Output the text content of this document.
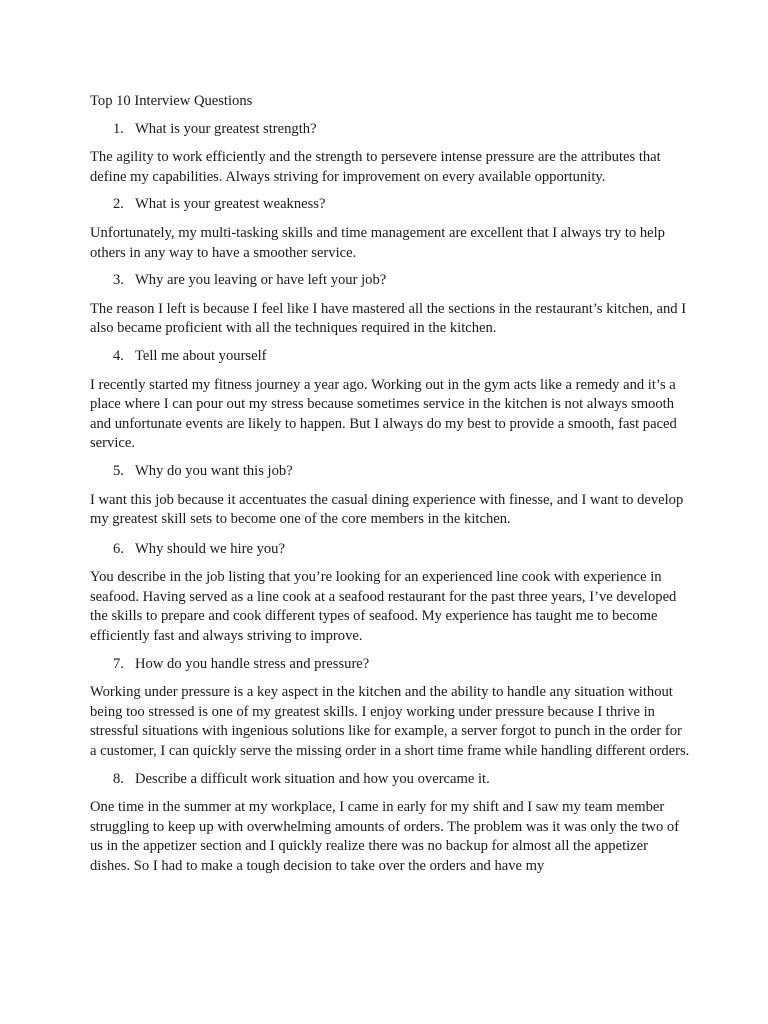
Top 10 Interview Questions

1. What is your greatest strength?

The agility to work efficiently and the strength to persevere intense pressure are the attributes that define my capabilities. Always striving for improvement on every available opportunity.

2. What is your greatest weakness?

Unfortunately, my multi-tasking skills and time management are excellent that I always try to help others in any way to have a smoother service.

3. Why are you leaving or have left your job?

The reason I left is because I feel like I have mastered all the sections in the restaurant’s kitchen, and I also became proficient with all the techniques required in the kitchen.

4. Tell me about yourself

I recently started my fitness journey a year ago. Working out in the gym acts like a remedy and it’s a place where I can pour out my stress because sometimes service in the kitchen is not always smooth and unfortunate events are likely to happen. But I always do my best to provide a smooth, fast paced service.

5. Why do you want this job?

I want this job because it accentuates the casual dining experience with finesse, and I want to develop my greatest skill sets to become one of the core members in the kitchen.

6. Why should we hire you?

You describe in the job listing that you’re looking for an experienced line cook with experience in seafood. Having served as a line cook at a seafood restaurant for the past three years, I’ve developed the skills to prepare and cook different types of seafood. My experience has taught me to become efficiently fast and always striving to improve.

7. How do you handle stress and pressure?

Working under pressure is a key aspect in the kitchen and the ability to handle any situation without being too stressed is one of my greatest skills. I enjoy working under pressure because I thrive in stressful situations with ingenious solutions like for example, a server forgot to punch in the order for a customer, I can quickly serve the missing order in a short time frame while handling different orders.

8. Describe a difficult work situation and how you overcame it.

One time in the summer at my workplace, I came in early for my shift and I saw my team member struggling to keep up with overwhelming amounts of orders. The problem was it was only the two of us in the appetizer section and I quickly realize there was no backup for almost all the appetizer dishes. So I had to make a tough decision to take over the orders and have my
